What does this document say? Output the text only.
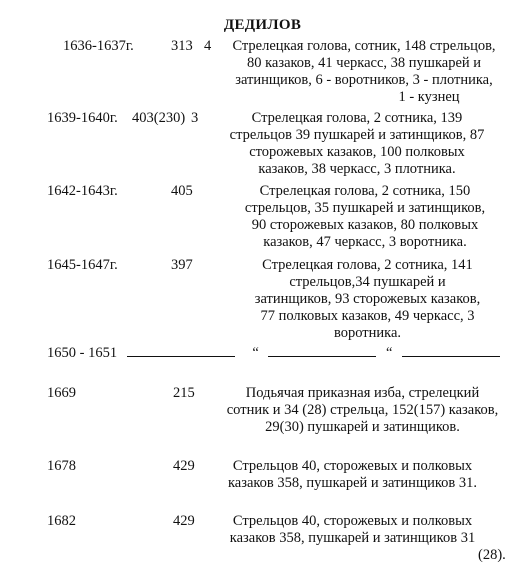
ДЕДИЛОВ
1636-1637г.	313 4	Стрелецкая голова, сотник, 148 стрельцов,
80 казаков, 41 черкасс, 38 пушкарей и
затинщиков, 6 - воротников, 3 - плотника,
1 - кузнец
1639-1640г. 403(230) 3	Стрелецкая голова, 2 сотника, 139
стрельцов 39 пушкарей и затинщиков, 87
сторожевых казаков, 100 полковых
казаков, 38 черкасс, 3 плотника.
1642-1643г.	405	Стрелецкая голова, 2 сотника, 150
стрельцов, 35 пушкарей и затинщиков,
90 сторожевых казаков, 80 полковых
казаков, 47 черкасс, 3 воротника.
1645-1647г.	397	Стрелецкая голова, 2 сотника, 141
стрельцов,34 пушкарей и
затинщиков, 93 сторожевых казаков,
77 полковых казаков, 49 черкасс, 3
воротника.
1650 - 1651	“	“
1669	215	Подьячая приказная изба, стрелецкий
сотник и 34 (28) стрельца, 152(157) казаков,
29(30) пушкарей и затинщиков.
1678	429	Стрельцов 40, сторожевых и полковых
казаков 358, пушкарей и затинщиков 31.
1682	429	Стрельцов 40, сторожевых и полковых
казаков 358, пушкарей и затинщиков 31
(28).
